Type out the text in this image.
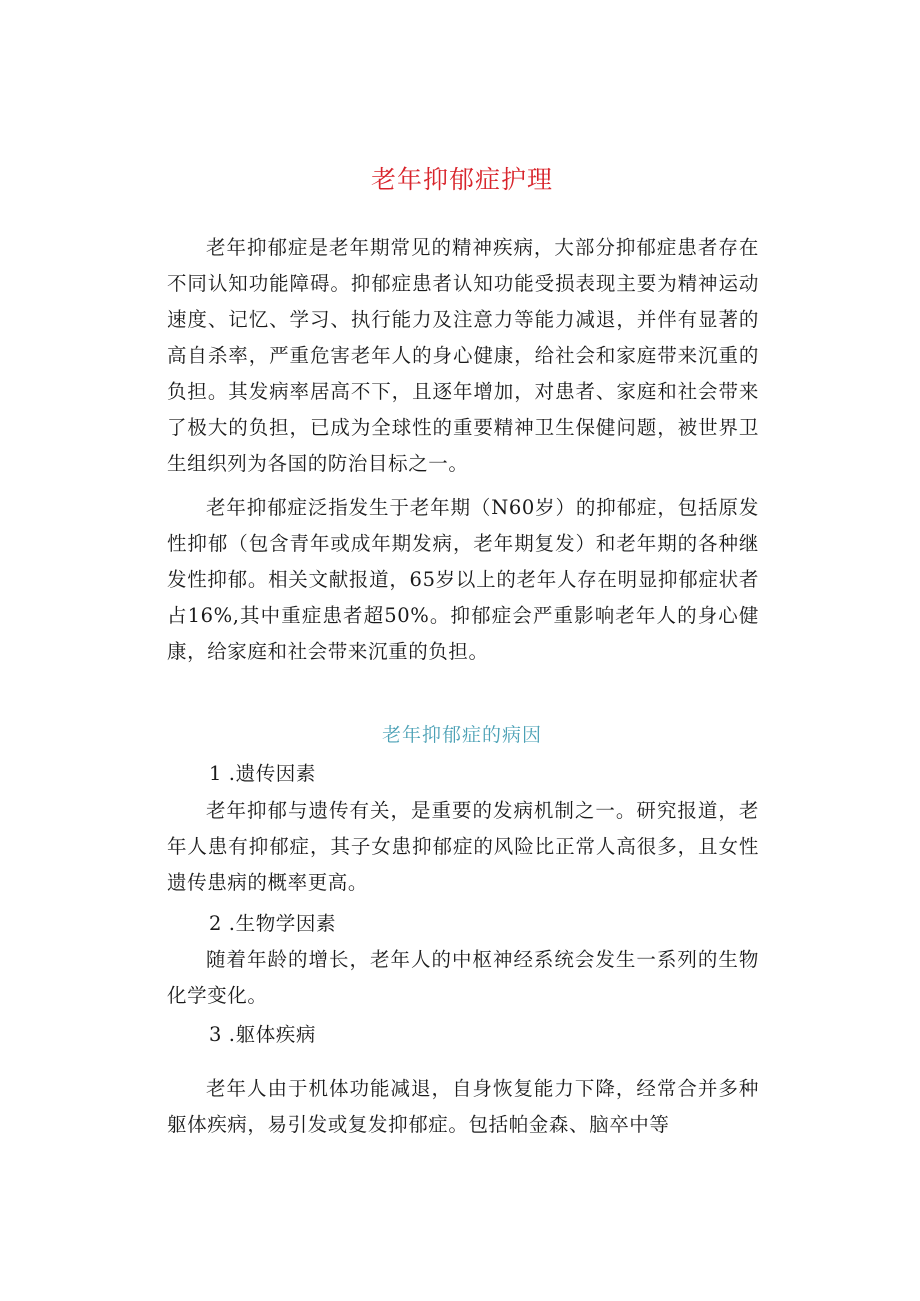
老年抑郁症护理

老年抑郁症是老年期常见的精神疾病，大部分抑郁症患者存在不同认知功能障碍。抑郁症患者认知功能受损表现主要为精神运动速度、记忆、学习、执行能力及注意力等能力减退，并伴有显著的高自杀率，严重危害老年人的身心健康，给社会和家庭带来沉重的负担。其发病率居高不下，且逐年增加，对患者、家庭和社会带来了极大的负担，已成为全球性的重要精神卫生保健问题，被世界卫生组织列为各国的防治目标之一。

老年抑郁症泛指发生于老年期（N60岁）的抑郁症，包括原发性抑郁（包含青年或成年期发病，老年期复发）和老年期的各种继发性抑郁。相关文献报道，65岁以上的老年人存在明显抑郁症状者占16%,其中重症患者超50%。抑郁症会严重影响老年人的身心健康，给家庭和社会带来沉重的负担。

老年抑郁症的病因

1 .遗传因素

老年抑郁与遗传有关，是重要的发病机制之一。研究报道，老年人患有抑郁症，其子女患抑郁症的风险比正常人高很多，且女性遗传患病的概率更高。

2 .生物学因素

随着年龄的增长，老年人的中枢神经系统会发生一系列的生物化学变化。

3 .躯体疾病

老年人由于机体功能减退，自身恢复能力下降，经常合并多种躯体疾病，易引发或复发抑郁症。包括帕金森、脑卒中等
